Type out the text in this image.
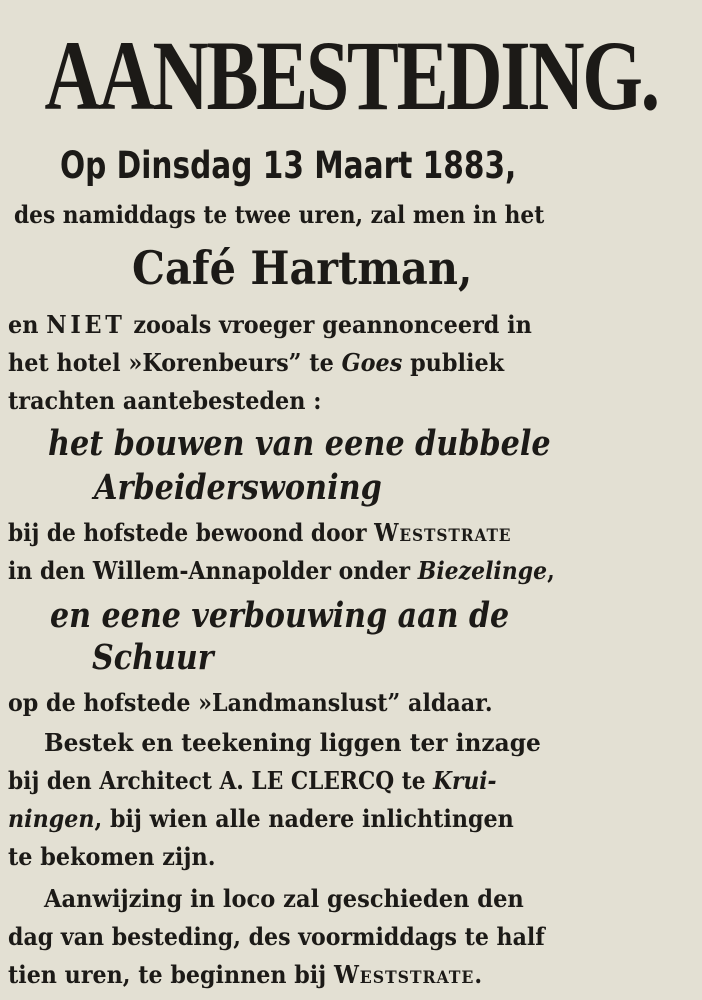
AANBESTEDING.
Op Dinsdag 13 Maart 1883,
des namiddags te twee uren, zal men in het
Café Hartman,
en NIET zooals vroeger geannonceerd in
het hotel »Korenbeurs” te Goes publiek
trachten aantebesteden :
het bouwen van eene dubbele
Arbeiderswoning
bij de hofstede bewoond door Weststrate
in den Willem-Annapolder onder Biezelinge,
en eene verbouwing aan de
Schuur
op de hofstede »Landmanslust” aldaar.
Bestek en teekening liggen ter inzage
bij den Architect A. LE CLERCQ te Krui-
ningen, bij wien alle nadere inlichtingen
te bekomen zijn.
Aanwijzing in loco zal geschieden den
dag van besteding, des voormiddags te half
tien uren, te beginnen bij Weststrate.
